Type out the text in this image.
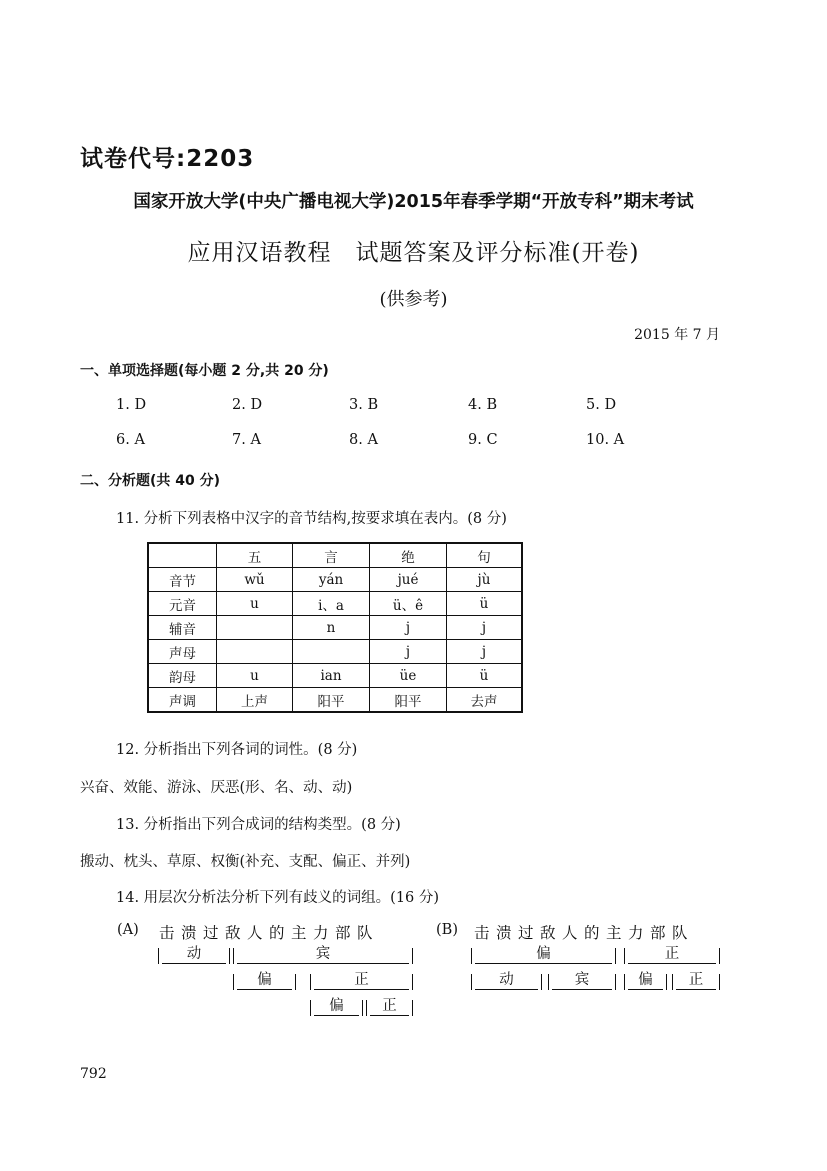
试卷代号:2203
国家开放大学(中央广播电视大学)2015年春季学期“开放专科”期末考试
应用汉语教程　试题答案及评分标准(开卷)
(供参考)
2015 年 7 月
一、单项选择题(每小题 2 分,共 20 分)
1. D	2. D	3. B	4. B	5. D
6. A	7. A	8. A	9. C	10. A
二、分析题(共 40 分)
11. 分析下列表格中汉字的音节结构,按要求填在表内。(8 分)
	五	言	绝	句
音节	wǔ	yán	jué	jù
元音	u	i、a	ü、ê	ü
辅音		n	j	j
声母			j	j
韵母	u	ian	üe	ü
声调	上声	阳平	阳平	去声
12. 分析指出下列各词的词性。(8 分)
兴奋、效能、游泳、厌恶(形、名、动、动)
13. 分析指出下列合成词的结构类型。(8 分)
搬动、枕头、草原、权衡(补充、支配、偏正、并列)
14. 用层次分析法分析下列有歧义的词组。(16 分)
(A) 击溃过敌人的主力部队
动	宾
偏	正
偏	正
(B) 击溃过敌人的主力部队
偏	正
动	宾	偏	正
792
